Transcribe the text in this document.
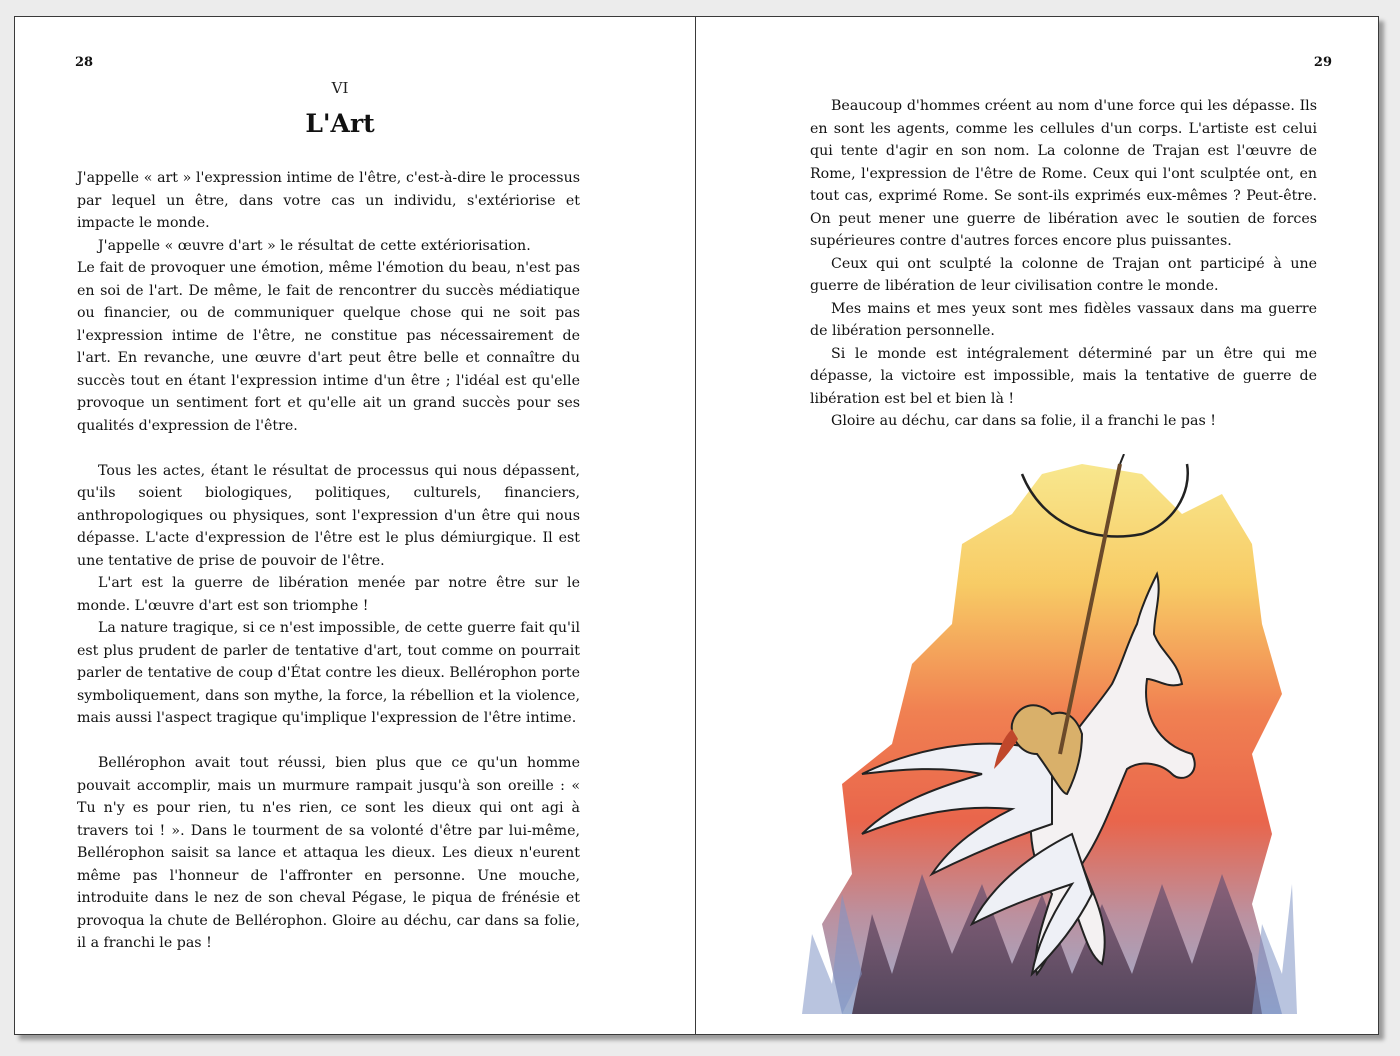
28
VI
L'Art

J'appelle « art » l'expression intime de l'être, c'est-à-dire le processus par lequel un être, dans votre cas un individu, s'extériorise et impacte le monde.

J'appelle « œuvre d'art » le résultat de cette extériorisation.

Le fait de provoquer une émotion, même l'émotion du beau, n'est pas en soi de l'art. De même, le fait de rencontrer du succès médiatique ou financier, ou de communiquer quelque chose qui ne soit pas l'expression intime de l'être, ne constitue pas nécessairement de l'art. En revanche, une œuvre d'art peut être belle et connaître du succès tout en étant l'expression intime d'un être ; l'idéal est qu'elle provoque un sentiment fort et qu'elle ait un grand succès pour ses qualités d'expression de l'être.

Tous les actes, étant le résultat de processus qui nous dépassent, qu'ils soient biologiques, politiques, culturels, financiers, anthropologiques ou physiques, sont l'expression d'un être qui nous dépasse. L'acte d'expression de l'être est le plus démiurgique. Il est une tentative de prise de pouvoir de l'être.

L'art est la guerre de libération menée par notre être sur le monde. L'œuvre d'art est son triomphe !

La nature tragique, si ce n'est impossible, de cette guerre fait qu'il est plus prudent de parler de tentative d'art, tout comme on pourrait parler de tentative de coup d'État contre les dieux. Bellérophon porte symboliquement, dans son mythe, la force, la rébellion et la violence, mais aussi l'aspect tragique qu'implique l'expression de l'être intime.

Bellérophon avait tout réussi, bien plus que ce qu'un homme pouvait accomplir, mais un murmure rampait jusqu'à son oreille : « Tu n'y es pour rien, tu n'es rien, ce sont les dieux qui ont agi à travers toi ! ». Dans le tourment de sa volonté d'être par lui-même, Bellérophon saisit sa lance et attaqua les dieux. Les dieux n'eurent même pas l'honneur de l'affronter en personne. Une mouche, introduite dans le nez de son cheval Pégase, le piqua de frénésie et provoqua la chute de Bellérophon. Gloire au déchu, car dans sa folie, il a franchi le pas !

29

Beaucoup d'hommes créent au nom d'une force qui les dépasse. Ils en sont les agents, comme les cellules d'un corps. L'artiste est celui qui tente d'agir en son nom. La colonne de Trajan est l'œuvre de Rome, l'expression de l'être de Rome. Ceux qui l'ont sculptée ont, en tout cas, exprimé Rome. Se sont-ils exprimés eux-mêmes ? Peut-être. On peut mener une guerre de libération avec le soutien de forces supérieures contre d'autres forces encore plus puissantes.

Ceux qui ont sculpté la colonne de Trajan ont participé à une guerre de libération de leur civilisation contre le monde.

Mes mains et mes yeux sont mes fidèles vassaux dans ma guerre de libération personnelle.

Si le monde est intégralement déterminé par un être qui me dépasse, la victoire est impossible, mais la tentative de guerre de libération est bel et bien là !

Gloire au déchu, car dans sa folie, il a franchi le pas !
